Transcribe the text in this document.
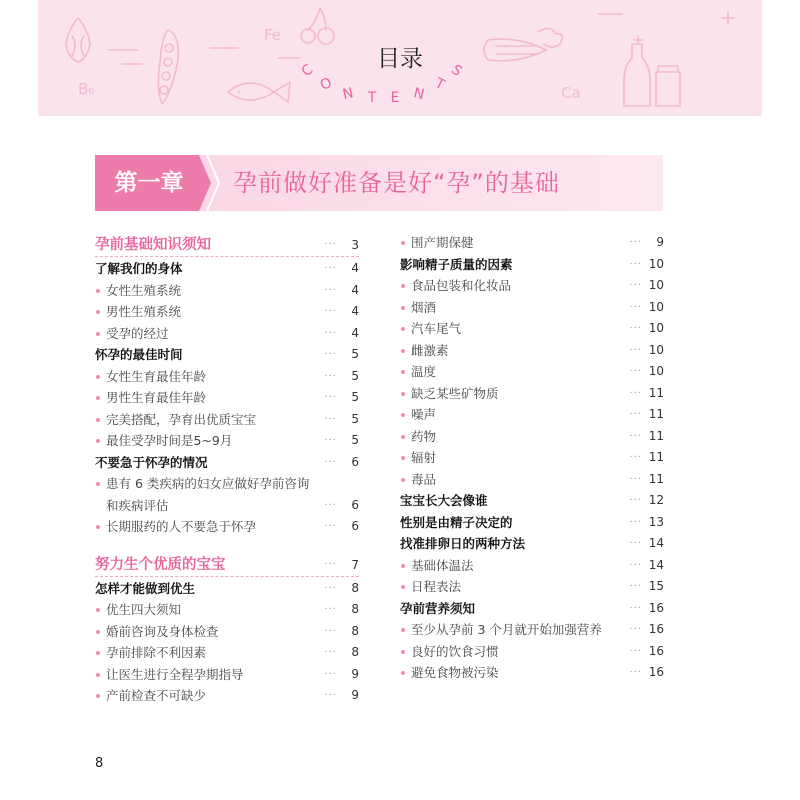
Fe
B₆	Ca
C
O
N T E N
T
S
目录
第一章	孕前做好准备是好“孕”的基础
孕前基础知识须知	···	3
了解我们的身体	···	4
女性生殖系统	···	4
男性生殖系统	···	4
受孕的经过	···	4
怀孕的最佳时间	···	5
女性生育最佳年龄	···	5
男性生育最佳年龄	···	5
完美搭配，孕育出优质宝宝	···	5
最佳受孕时间是5~9月	···	5
不要急于怀孕的情况	···	6
患有 6 类疾病的妇女应做好孕前咨询
和疾病评估	···	6
长期服药的人不要急于怀孕	···	6
努力生个优质的宝宝	···	7
怎样才能做到优生	···	8
优生四大须知	···	8
婚前咨询及身体检查	···	8
孕前排除不利因素	···	8
让医生进行全程孕期指导	···	9
产前检查不可缺少	···	9
围产期保健	···	9
影响精子质量的因素	··· 10
食品包装和化妆品	··· 10
烟酒	··· 10
汽车尾气	··· 10
雌激素	··· 10
温度	··· 10
缺乏某些矿物质	··· 11
噪声	··· 11
药物	··· 11
辐射	··· 11
毒品	··· 11
宝宝长大会像谁	··· 12
性别是由精子决定的	··· 13
找准排卵日的两种方法	··· 14
基础体温法	··· 14
日程表法	··· 15
孕前营养须知	··· 16
至少从孕前 3 个月就开始加强营养	··· 16
良好的饮食习惯	··· 16
避免食物被污染	··· 16
8
